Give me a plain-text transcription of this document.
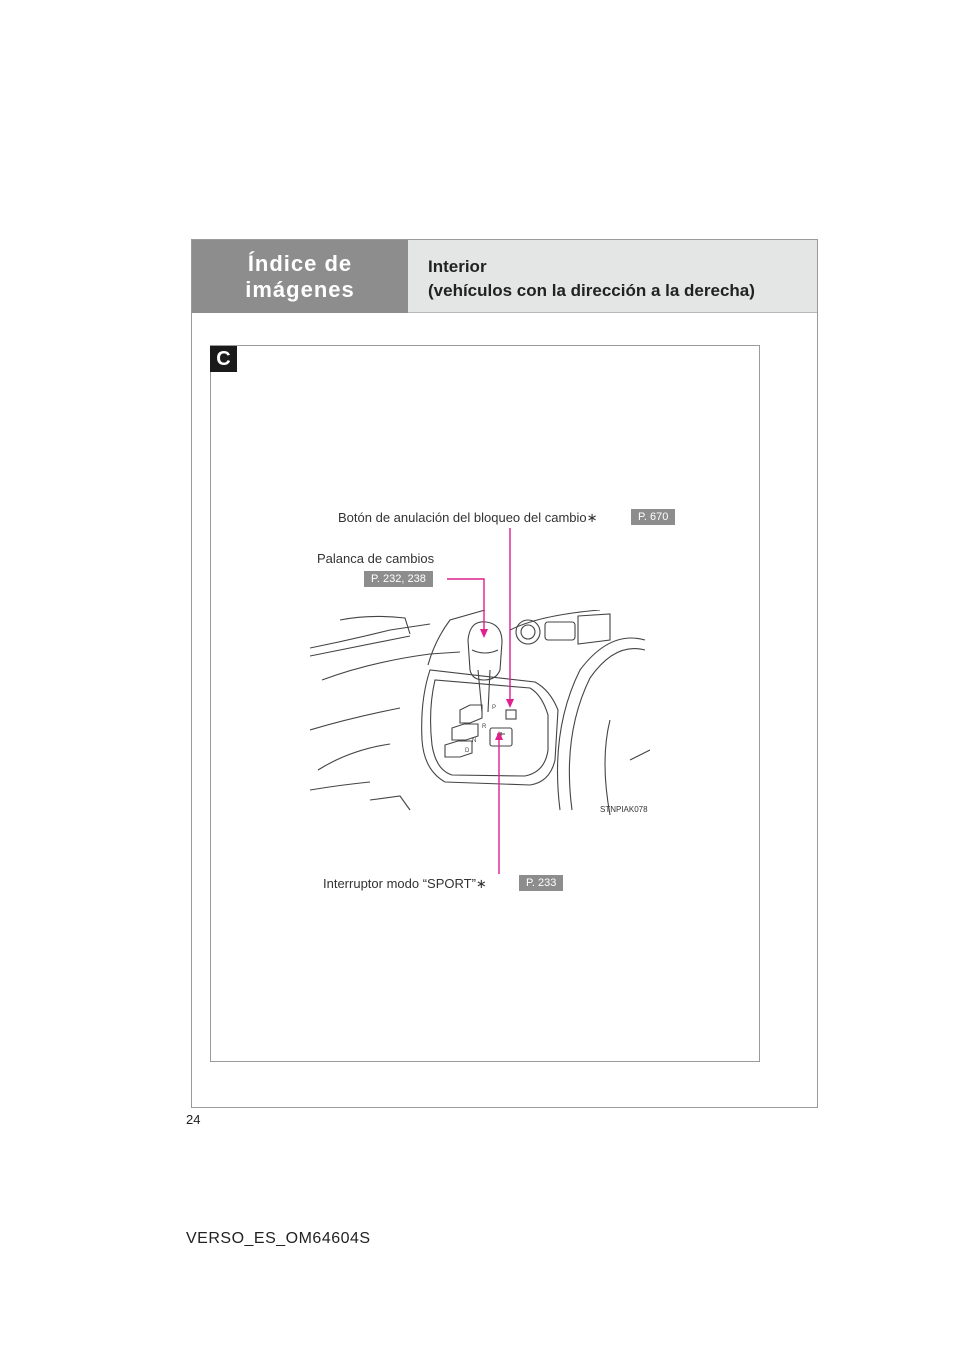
Índice de
imágenes
Interior
(vehículos con la dirección a la derecha)
C
P
R
N
D
STNPIAK078
Botón de anulación del bloqueo del cambio∗	P. 670
Palanca de cambios
P. 232, 238
Interruptor modo “SPORT”∗	P. 233
24
VERSO_ES_OM64604S
